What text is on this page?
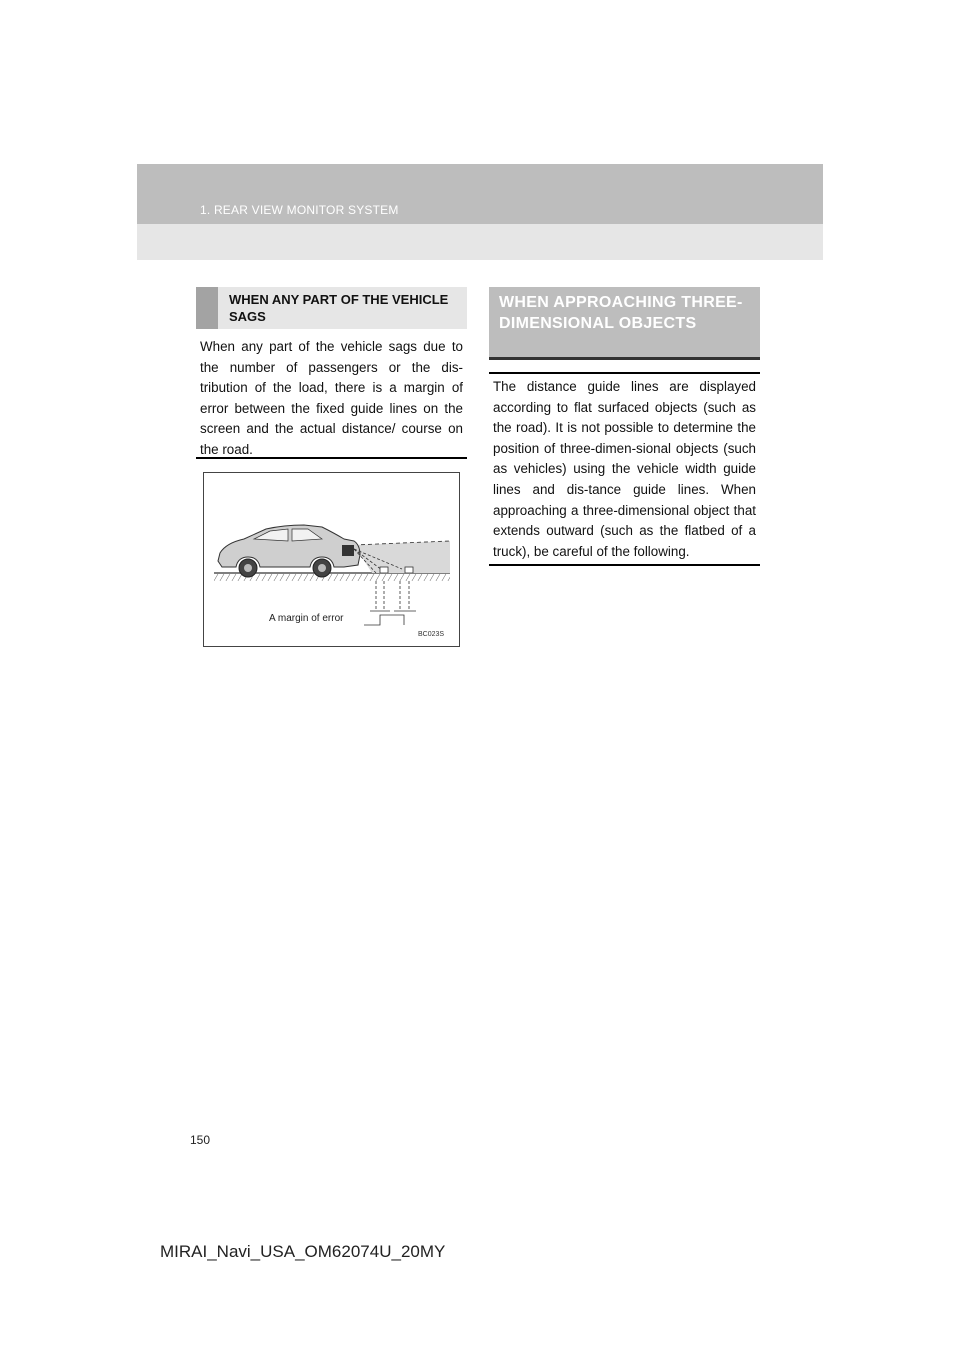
1. REAR VIEW MONITOR SYSTEM
WHEN ANY PART OF THE VEHICLE SAGS

When any part of the vehicle sags due to the number of passengers or the dis-tribution of the load, there is a margin of error between the fixed guide lines on the screen and the actual distance/ course on the road.

A margin of error
BC023S
WHEN APPROACHING THREE-DIMENSIONAL OBJECTS

The distance guide lines are displayed according to flat surfaced objects (such as the road). It is not possible to determine the position of three-dimen-sional objects (such as vehicles) using the vehicle width guide lines and dis-tance guide lines. When approaching a three-dimensional object that extends outward (such as the flatbed of a truck), be careful of the following.

150
MIRAI_Navi_USA_OM62074U_20MY
